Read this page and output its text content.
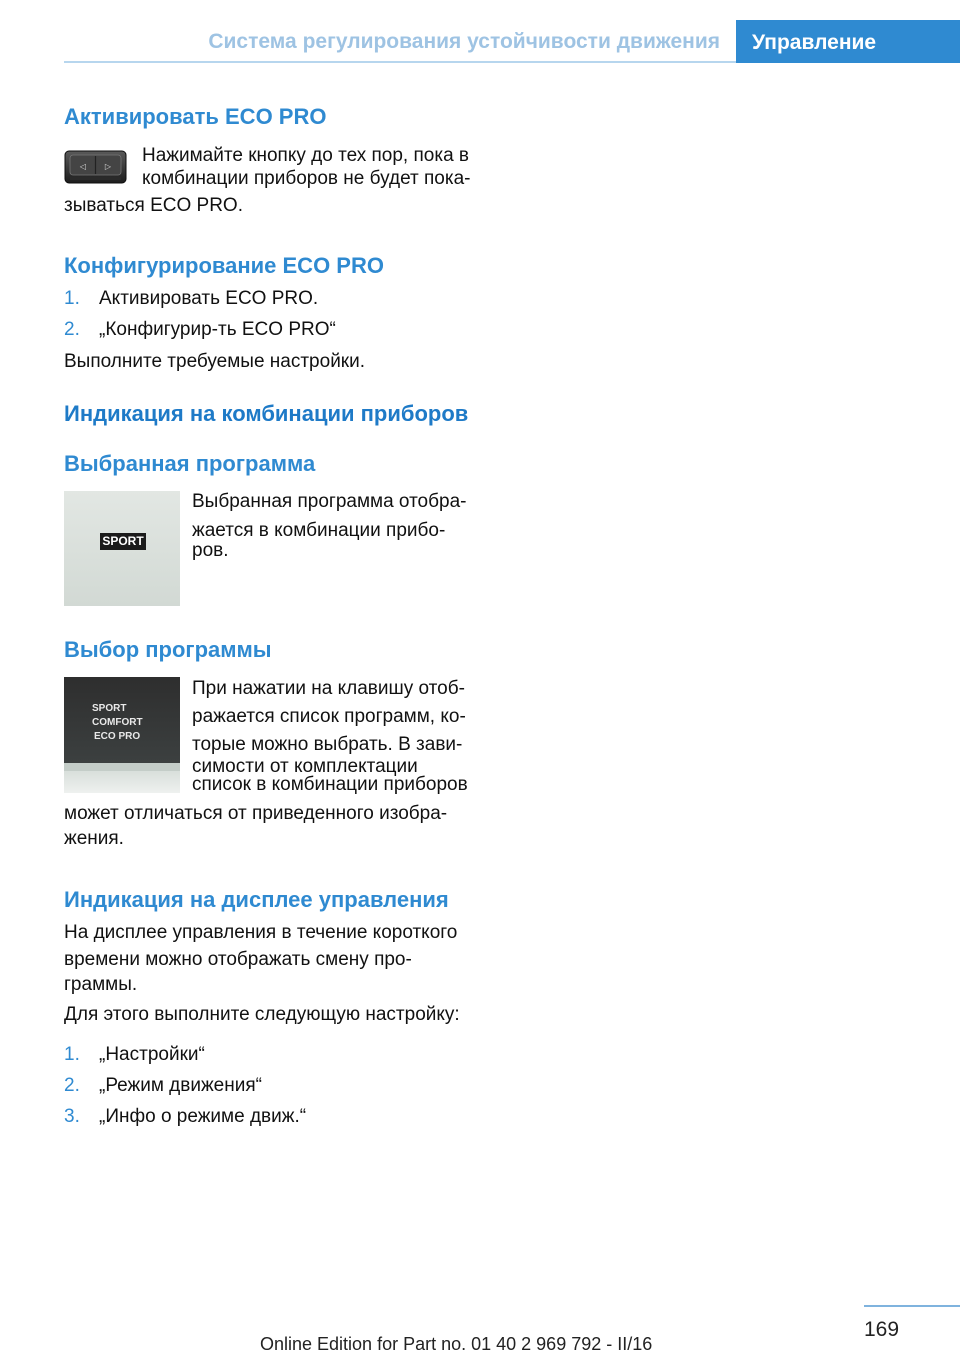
Система регулирования устойчивости движения Управление
Активировать ECO PRO
◁ ▷
Нажимайте кнопку до тех пор, пока в
комбинации приборов не будет пока-
зываться ECO PRO.
Конфигурирование ECO PRO
1. Активировать ECO PRO.
2. „Конфигурир-ть ECO PRO“
Выполните требуемые настройки.
Индикация на комбинации приборов
Выбранная программа
SPORT
Выбранная программа отобра-
жается в комбинации прибо-
ров.
Выбор программы
SPORT
COMFORT
ECO PRO
При нажатии на клавишу отоб-
ражается список программ, ко-
торые можно выбрать. В зави-
симости от комплектации
список в комбинации приборов
может отличаться от приведенного изобра-
жения.
Индикация на дисплее управления
На дисплее управления в течение короткого
времени можно отображать смену про-
граммы.
Для этого выполните следующую настройку:
1. „Настройки“
2. „Режим движения“
3. „Инфо о режиме движ.“
169
Online Edition for Part no. 01 40 2 969 792 - II/16
